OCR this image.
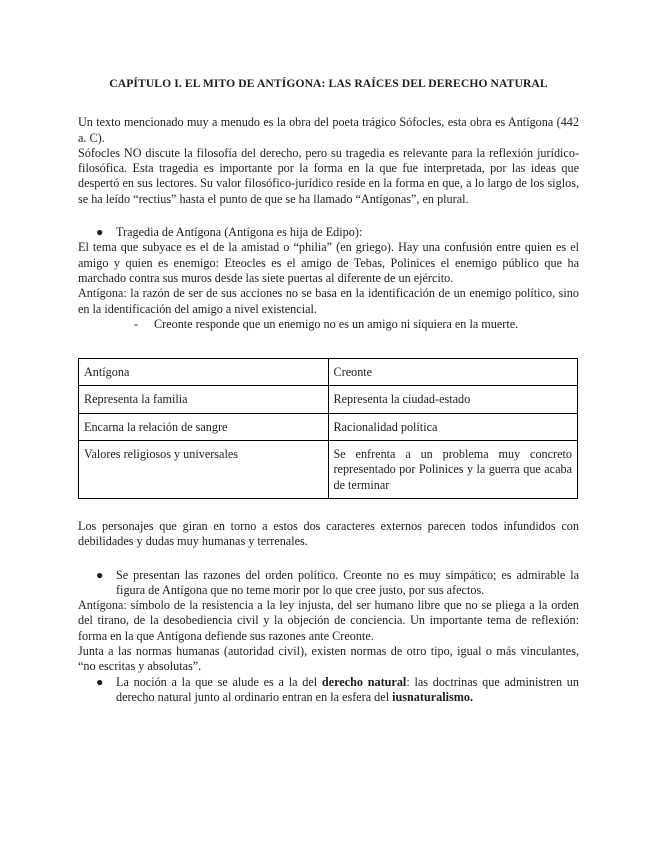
CAPÍTULO I. EL MITO DE ANTÍGONA: LAS RAÍCES DEL DERECHO NATURAL

Un texto mencionado muy a menudo es la obra del poeta trágico Sófocles, esta obra es Antígona (442 a. C).

Sófocles NO discute la filosofía del derecho, pero su tragedia es relevante para la reflexión jurídico-filosófica. Esta tragedia es importante por la forma en la que fue interpretada, por las ideas que despertó en sus lectores. Su valor filosófico-jurídico reside en la forma en que, a lo largo de los siglos, se ha leído “rectius” hasta el punto de que se ha llamado “Antígonas”, en plural.

● Tragedia de Antígona (Antígona es hija de Edipo):

El tema que subyace es el de la amistad o “philia” (en griego). Hay una confusión entre quien es el amigo y quien es enemigo: Eteocles es el amigo de Tebas, Polinices el enemigo público que ha marchado contra sus muros desde las siete puertas al diferente de un ejército.

Antígona: la razón de ser de sus acciones no se basa en la identificación de un enemigo político, sino en la identificación del amigo a nivel existencial.

- Creonte responde que un enemigo no es un amigo ni siquiera en la muerte.
Antígona	Creonte
Representa la familia	Representa la ciudad-estado
Encarna la relación de sangre	Racionalidad política
Valores religiosos y universales	Se enfrenta a un problema muy concreto representado por Polinices y la guerra que acaba de terminar

Los personajes que giran en torno a estos dos caracteres externos parecen todos infundidos con debilidades y dudas muy humanas y terrenales.

● Se presentan las razones del orden político. Creonte no es muy simpático; es admirable la figura de Antígona que no teme morir por lo que cree justo, por sus afectos.

Antígona: símbolo de la resistencia a la ley injusta, del ser humano libre que no se pliega a la orden del tirano, de la desobediencia civil y la objeción de conciencia. Un importante tema de reflexión: forma en la que Antígona defiende sus razones ante Creonte.

Junta a las normas humanas (autoridad civil), existen normas de otro tipo, igual o más vinculantes, “no escritas y absolutas”.

● La noción a la que se alude es a la del derecho natural: las doctrinas que administren un derecho natural junto al ordinario entran en la esfera del iusnaturalismo.
